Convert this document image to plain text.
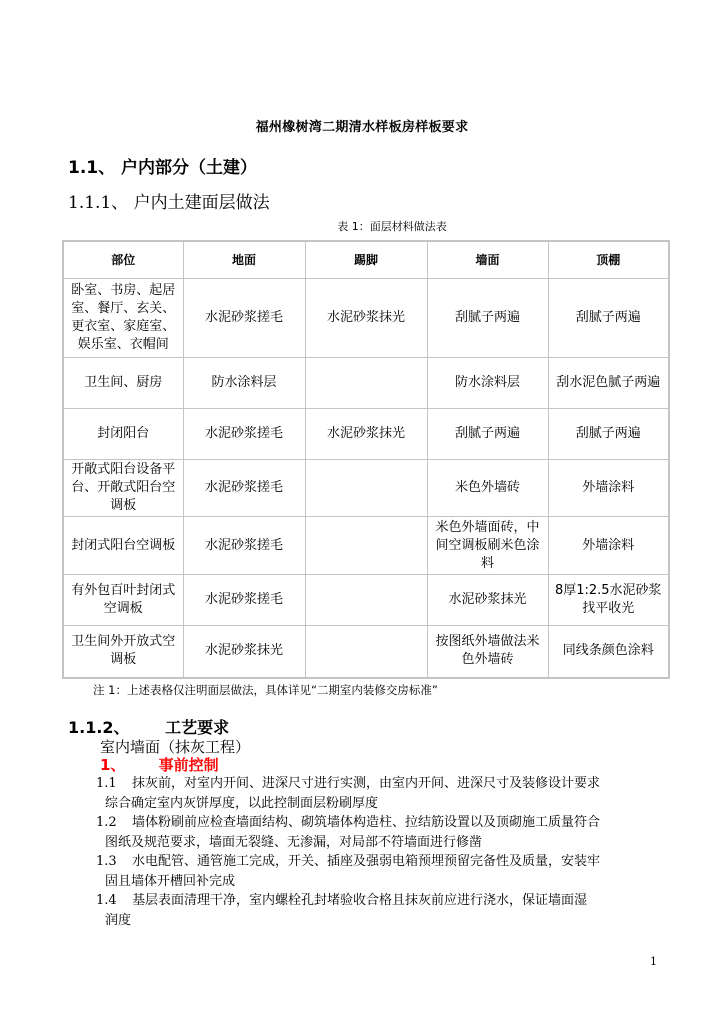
福州橡树湾二期清水样板房样板要求
1.1、 户内部分（土建）
1.1.1、 户内土建面层做法
表 1：面层材料做法表
部位	地面	踢脚	墙面	顶棚
卧室、书房、起居室、餐厅、玄关、更衣室、家庭室、娱乐室、衣帽间	水泥砂浆搓毛	水泥砂浆抹光	刮腻子两遍	刮腻子两遍
卫生间、厨房	防水涂料层		防水涂料层	刮水泥色腻子两遍
封闭阳台	水泥砂浆搓毛	水泥砂浆抹光	刮腻子两遍	刮腻子两遍
开敞式阳台设备平台、开敞式阳台空调板	水泥砂浆搓毛		米色外墙砖	外墙涂料
封闭式阳台空调板	水泥砂浆搓毛		米色外墙面砖，中间空调板刷米色涂料	外墙涂料
有外包百叶封闭式空调板	水泥砂浆搓毛		水泥砂浆抹光	8厚1:2.5水泥砂浆找平收光
卫生间外开放式空调板	水泥砂浆抹光		按图纸外墙做法米色外墙砖	同线条颜色涂料
注 1：上述表格仅注明面层做法，具体详见“二期室内装修交房标准”
1.1.2、 工艺要求
室内墙面（抹灰工程）
1、 事前控制
1.1 抹灰前，对室内开间、进深尺寸进行实测，由室内开间、进深尺寸及装修设计要求
综合确定室内灰饼厚度，以此控制面层粉刷厚度
1.2 墙体粉刷前应检查墙面结构、砌筑墙体构造柱、拉结筋设置以及顶砌施工质量符合
图纸及规范要求，墙面无裂缝、无渗漏，对局部不符墙面进行修凿
1.3 水电配管、通管施工完成，开关、插座及强弱电箱预埋预留完备性及质量，安装牢
固且墙体开槽回补完成
1.4 基层表面清理干净，室内螺栓孔封堵验收合格且抹灰前应进行浇水，保证墙面湿
润度
1
